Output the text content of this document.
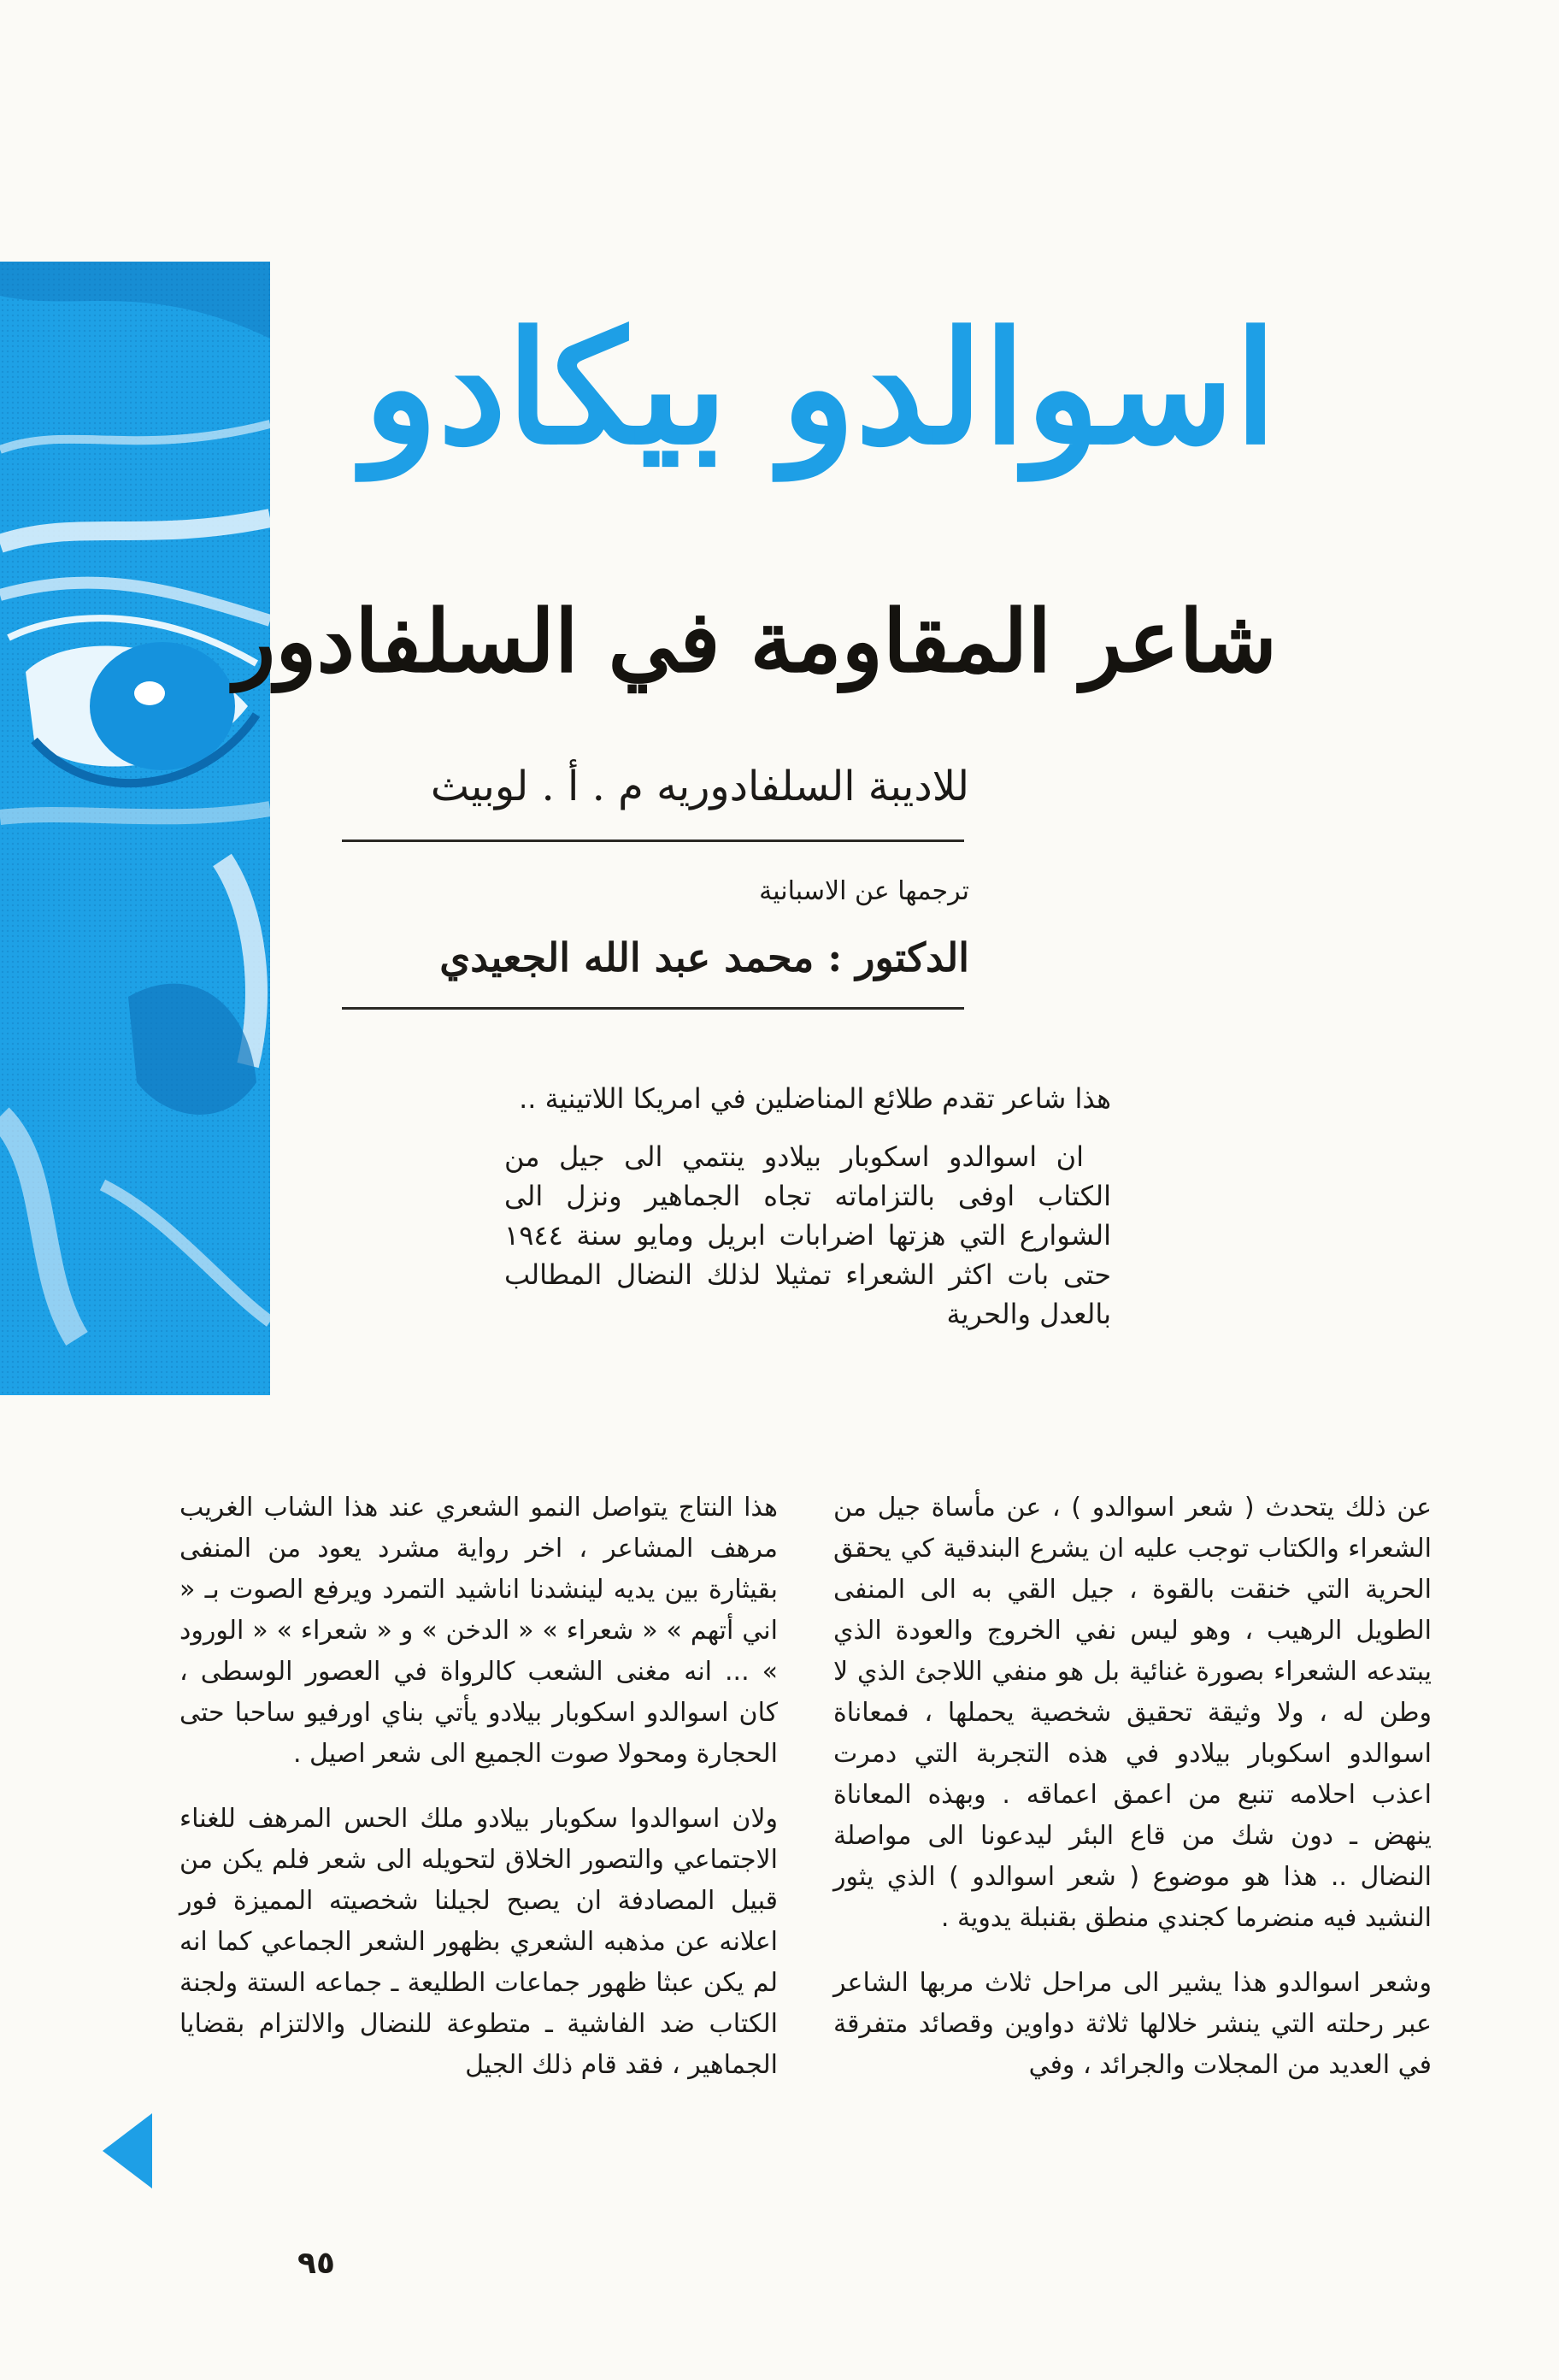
اسوالدو بيكادو
شاعر المقاومة في السلفادور
للاديبة السلفادوريه م . أ . لوبيث
ترجمها عن الاسبانية
الدكتور : محمد عبد الله الجعيدي

هذا شاعر تقدم طلائع المناضلين في امريكا اللاتينية ..

ان اسوالدو اسكوبار بيلادو ينتمي الى جيل من الكتاب اوفى بالتزاماته تجاه الجماهير ونزل الى الشوارع التي هزتها اضرابات ابريل ومايو سنة ١٩٤٤ حتى بات اكثر الشعراء تمثيلا لذلك النضال المطالب بالعدل والحرية

عن ذلك يتحدث ( شعر اسوالدو ) ، عن مأساة جيل من الشعراء والكتاب توجب عليه ان يشرع البندقية كي يحقق الحرية التي خنقت بالقوة ، جيل القي به الى المنفى الطويل الرهيب ، وهو ليس نفي الخروج والعودة الذي يبتدعه الشعراء بصورة غنائية بل هو منفي اللاجئ الذي لا وطن له ، ولا وثيقة تحقيق شخصية يحملها ، فمعاناة اسوالدو اسكوبار بيلادو في هذه التجربة التي دمرت اعذب احلامه تنبع من اعمق اعماقه . وبهذه المعاناة ينهض ـ دون شك من قاع البئر ليدعونا الى مواصلة النضال .. هذا هو موضوع ( شعر اسوالدو ) الذي يثور النشيد فيه منضرما كجندي منطق بقنبلة يدوية .

وشعر اسوالدو هذا يشير الى مراحل ثلاث مربها الشاعر عبر رحلته التي ينشر خلالها ثلاثة دواوين وقصائد متفرقة في العديد من المجلات والجرائد ، وفي

هذا النتاج يتواصل النمو الشعري عند هذا الشاب الغريب مرهف المشاعر ، اخر رواية مشرد يعود من المنفى بقيثارة بين يديه لينشدنا اناشيد التمرد ويرفع الصوت بـ « اني أتهم » « شعراء » « الدخن » و « شعراء » « الورود » ... انه مغنى الشعب كالرواة في العصور الوسطى ، كان اسوالدو اسكوبار بيلادو يأتي بناي اورفيو ساحبا حتى الحجارة ومحولا صوت الجميع الى شعر اصيل .

ولان اسوالدوا سكوبار بيلادو ملك الحس المرهف للغناء الاجتماعي والتصور الخلاق لتحويله الى شعر فلم يكن من قبيل المصادفة ان يصبح لجيلنا شخصيته المميزة فور اعلانه عن مذهبه الشعري بظهور الشعر الجماعي كما انه لم يكن عبثا ظهور جماعات الطليعة ـ جماعه الستة ولجنة الكتاب ضد الفاشية ـ متطوعة للنضال والالتزام بقضايا الجماهير ، فقد قام ذلك الجيل

٩٥
